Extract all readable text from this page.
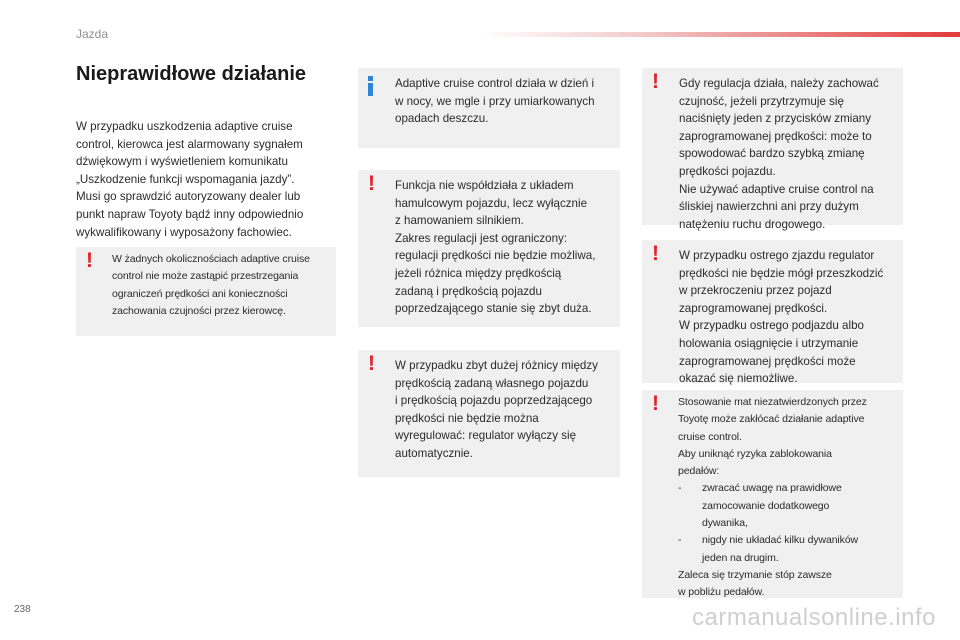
Jazda
Nieprawidłowe działanie
W przypadku uszkodzenia adaptive cruise
control, kierowca jest alarmowany sygnałem
dźwiękowym i wyświetleniem komunikatu
„Uszkodzenie funkcji wspomagania jazdy”.
Musi go sprawdzić autoryzowany dealer lub
punkt napraw Toyoty bądź inny odpowiednio
wykwalifikowany i wyposażony fachowiec.
! W żadnych okolicznościach adaptive cruise
control nie może zastąpić przestrzegania
ograniczeń prędkości ani konieczności
zachowania czujności przez kierowcę.
Adaptive cruise control działa w dzień i
w nocy, we mgle i przy umiarkowanych
opadach deszczu.
! Funkcja nie współdziała z układem
hamulcowym pojazdu, lecz wyłącznie
z hamowaniem silnikiem.
Zakres regulacji jest ograniczony:
regulacji prędkości nie będzie możliwa,
jeżeli różnica między prędkością
zadaną i prędkością pojazdu
poprzedzającego stanie się zbyt duża.
! W przypadku zbyt dużej różnicy między
prędkością zadaną własnego pojazdu
i prędkością pojazdu poprzedzającego
prędkości nie będzie można
wyregulować: regulator wyłączy się
automatycznie.
! Gdy regulacja działa, należy zachować
czujność, jeżeli przytrzymuje się
naciśnięty jeden z przycisków zmiany
zaprogramowanej prędkości: może to
spowodować bardzo szybką zmianę
prędkości pojazdu.
Nie używać adaptive cruise control na
śliskiej nawierzchni ani przy dużym
natężeniu ruchu drogowego.
! W przypadku ostrego zjazdu regulator
prędkości nie będzie mógł przeszkodzić
w przekroczeniu przez pojazd
zaprogramowanej prędkości.
W przypadku ostrego podjazdu albo
holowania osiągnięcie i utrzymanie
zaprogramowanej prędkości może
okazać się niemożliwe.
! Stosowanie mat niezatwierdzonych przez
Toyotę może zakłócać działanie adaptive
cruise control.
Aby uniknąć ryzyka zablokowania
pedałów:
- zwracać uwagę na prawidłowe
zamocowanie dodatkowego
dywanika,
- nigdy nie układać kilku dywaników
jeden na drugim.
Zaleca się trzymanie stóp zawsze
w pobliżu pedałów.
238	carmanualsonline.info
